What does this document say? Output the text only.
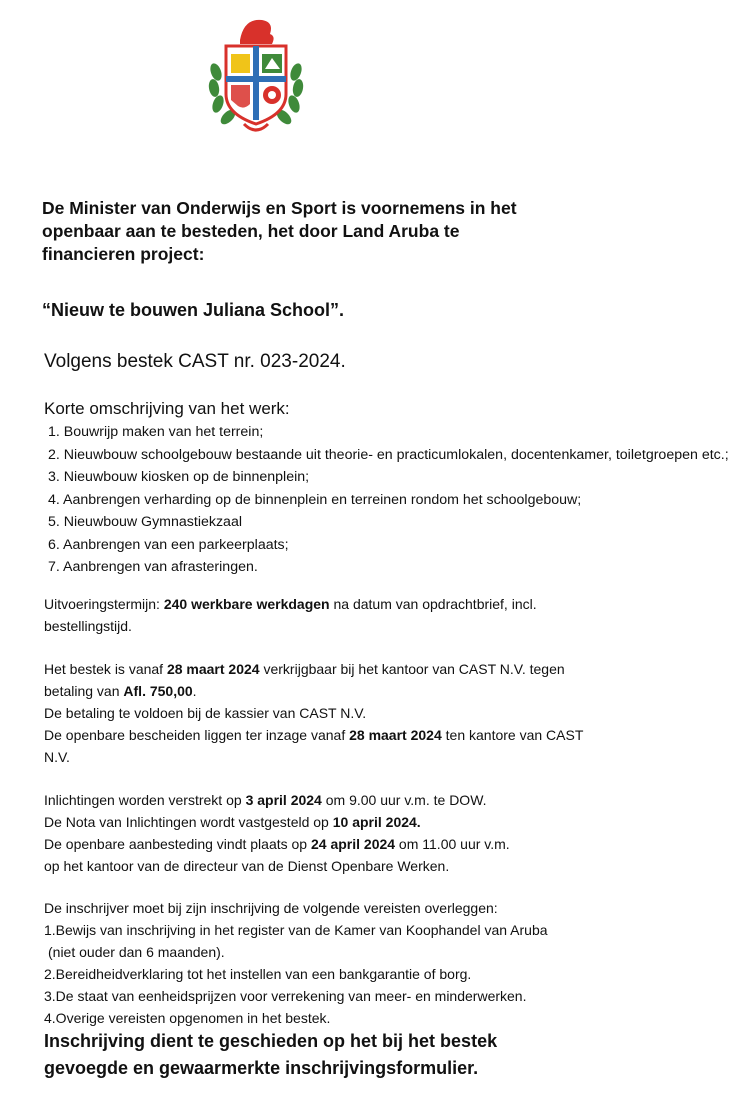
De Minister van Onderwijs en Sport is voornemens in het
openbaar aan te besteden, het door Land Aruba te
financieren project:

“Nieuw te bouwen Juliana School”.

Volgens bestek CAST nr. 023-2024.

Korte omschrijving van het werk:

1. Bouwrijp maken van het terrein;
2. Nieuwbouw schoolgebouw bestaande uit theorie- en practicumlokalen, docentenkamer, toiletgroepen etc.;
3. Nieuwbouw kiosken op de binnenplein;
4. Aanbrengen verharding op de binnenplein en terreinen rondom het schoolgebouw;
5. Nieuwbouw Gymnastiekzaal
6. Aanbrengen van een parkeerplaats;
7. Aanbrengen van afrasteringen.

Uitvoeringstermijn: 240 werkbare werkdagen na datum van opdrachtbrief, incl.
bestellingstijd.

Het bestek is vanaf 28 maart 2024 verkrijgbaar bij het kantoor van CAST N.V. tegen
betaling van Afl. 750,00.
De betaling te voldoen bij de kassier van CAST N.V.
De openbare bescheiden liggen ter inzage vanaf 28 maart 2024 ten kantore van CAST
N.V.

Inlichtingen worden verstrekt op 3 april 2024 om 9.00 uur v.m. te DOW.
De Nota van Inlichtingen wordt vastgesteld op 10 april 2024.
De openbare aanbesteding vindt plaats op 24 april 2024 om 11.00 uur v.m.
op het kantoor van de directeur van de Dienst Openbare Werken.

De inschrijver moet bij zijn inschrijving de volgende vereisten overleggen:
1.Bewijs van inschrijving in het register van de Kamer van Koophandel van Aruba
(niet ouder dan 6 maanden).
2.Bereidheidverklaring tot het instellen van een bankgarantie of borg.
3.De staat van eenheidsprijzen voor verrekening van meer- en minderwerken.
4.Overige vereisten opgenomen in het bestek.

Inschrijving dient te geschieden op het bij het bestek
gevoegde en gewaarmerkte inschrijvingsformulier.
